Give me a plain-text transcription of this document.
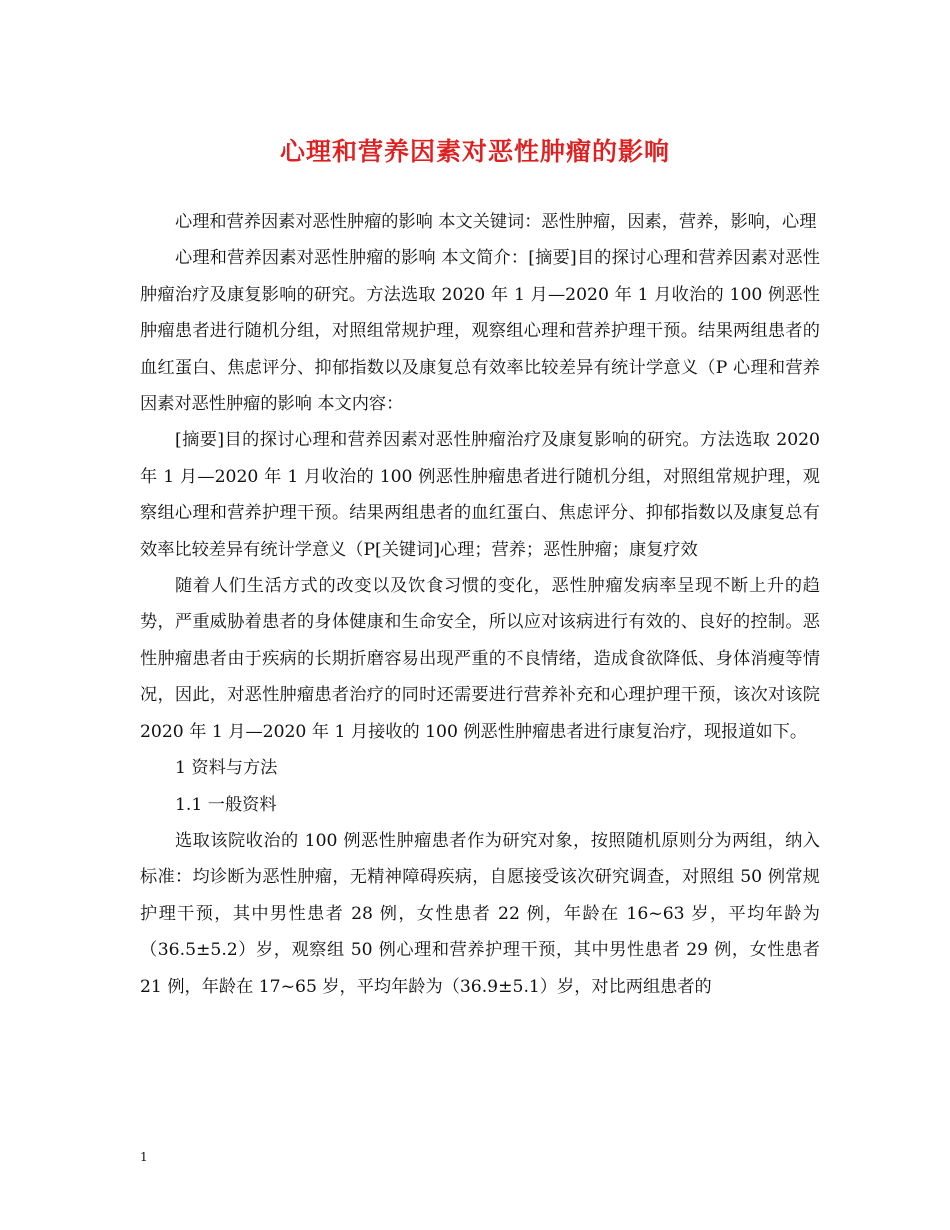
心理和营养因素对恶性肿瘤的影响

心理和营养因素对恶性肿瘤的影响 本文关键词：恶性肿瘤，因素，营养，影响，心理

心理和营养因素对恶性肿瘤的影响 本文简介：[摘要]目的探讨心理和营养因素对恶性肿瘤治疗及康复影响的研究。方法选取 2020 年 1 月—2020 年 1 月收治的 100 例恶性肿瘤患者进行随机分组，对照组常规护理，观察组心理和营养护理干预。结果两组患者的血红蛋白、焦虑评分、抑郁指数以及康复总有效率比较差异有统计学意义（P 心理和营养因素对恶性肿瘤的影响 本文内容：

[摘要]目的探讨心理和营养因素对恶性肿瘤治疗及康复影响的研究。方法选取 2020 年 1 月—2020 年 1 月收治的 100 例恶性肿瘤患者进行随机分组，对照组常规护理，观察组心理和营养护理干预。结果两组患者的血红蛋白、焦虑评分、抑郁指数以及康复总有效率比较差异有统计学意义（P[关键词]心理；营养；恶性肿瘤；康复疗效

随着人们生活方式的改变以及饮食习惯的变化，恶性肿瘤发病率呈现不断上升的趋势，严重威胁着患者的身体健康和生命安全，所以应对该病进行有效的、良好的控制。恶性肿瘤患者由于疾病的长期折磨容易出现严重的不良情绪，造成食欲降低、身体消瘦等情况，因此，对恶性肿瘤患者治疗的同时还需要进行营养补充和心理护理干预，该次对该院 2020 年 1 月—2020 年 1 月接收的 100 例恶性肿瘤患者进行康复治疗，现报道如下。

1 资料与方法

1.1 一般资料

选取该院收治的 100 例恶性肿瘤患者作为研究对象，按照随机原则分为两组，纳入标准：均诊断为恶性肿瘤，无精神障碍疾病，自愿接受该次研究调查，对照组 50 例常规护理干预，其中男性患者 28 例，女性患者 22 例，年龄在 16~63 岁，平均年龄为（36.5±5.2）岁，观察组 50 例心理和营养护理干预，其中男性患者 29 例，女性患者 21 例，年龄在 17~65 岁，平均年龄为（36.9±5.1）岁，对比两组患者的

1
